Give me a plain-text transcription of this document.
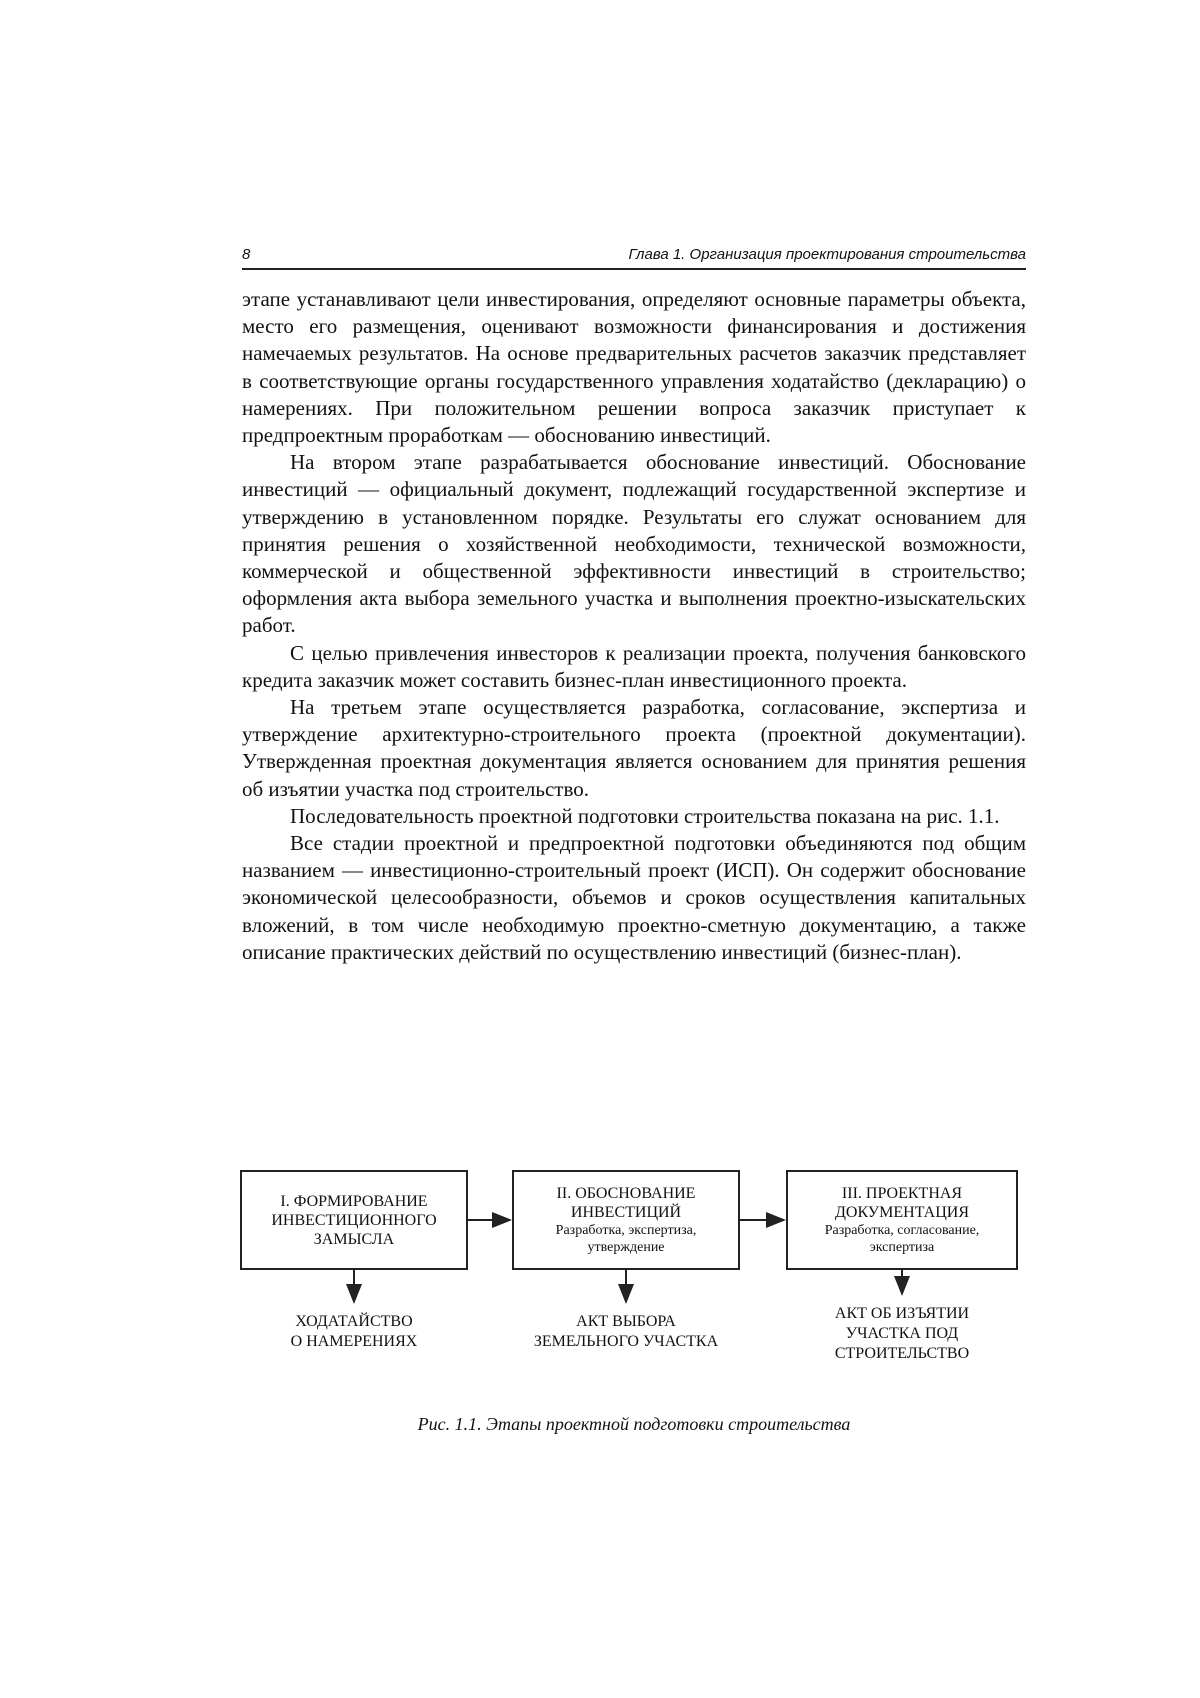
8	Глава 1. Организация проектирования строительства

этапе устанавливают цели инвестирования, определяют основные параметры объекта, место его размещения, оценивают возможности финансирования и достижения намечаемых результатов. На основе предварительных расчетов заказчик представляет в соответствующие органы государственного управления ходатайство (декларацию) о намерениях. При положительном решении вопроса заказчик приступает к предпроектным проработкам — обоснованию инвестиций.

На втором этапе разрабатывается обоснование инвестиций. Обоснование инвестиций — официальный документ, подлежащий государственной экспертизе и утверждению в установленном порядке. Результаты его служат основанием для принятия решения о хозяйственной необходимости, технической возможности, коммерческой и общественной эффективности инвестиций в строительство; оформления акта выбора земельного участка и выполнения проектно-изыскательских работ.

С целью привлечения инвесторов к реализации проекта, получения банковского кредита заказчик может составить бизнес-план инвестиционного проекта.

На третьем этапе осуществляется разработка, согласование, экспертиза и утверждение архитектурно-строительного проекта (проектной документации). Утвержденная проектная документация является основанием для принятия решения об изъятии участка под строительство.

Последовательность проектной подготовки строительства показана на рис. 1.1.

Все стадии проектной и предпроектной подготовки объединяются под общим названием — инвестиционно-строительный проект (ИСП). Он содержит обоснование экономической целесообразности, объемов и сроков осуществления капитальных вложений, в том числе необходимую проектно-сметную документацию, а также описание практических действий по осуществлению инвестиций (бизнес-план).

I. ФОРМИРОВАНИЕ
ИНВЕСТИЦИОННОГО
ЗАМЫСЛА
II. ОБОСНОВАНИЕ
ИНВЕСТИЦИЙ
Разработка, экспертиза,
утверждение
III. ПРОЕКТНАЯ
ДОКУМЕНТАЦИЯ
Разработка, согласование,
экспертиза
ХОДАТАЙСТВО
О НАМЕРЕНИЯХ
АКТ ВЫБОРА
ЗЕМЕЛЬНОГО УЧАСТКА
АКТ ОБ ИЗЪЯТИИ
УЧАСТКА ПОД
СТРОИТЕЛЬСТВО
Рис. 1.1. Этапы проектной подготовки строительства
